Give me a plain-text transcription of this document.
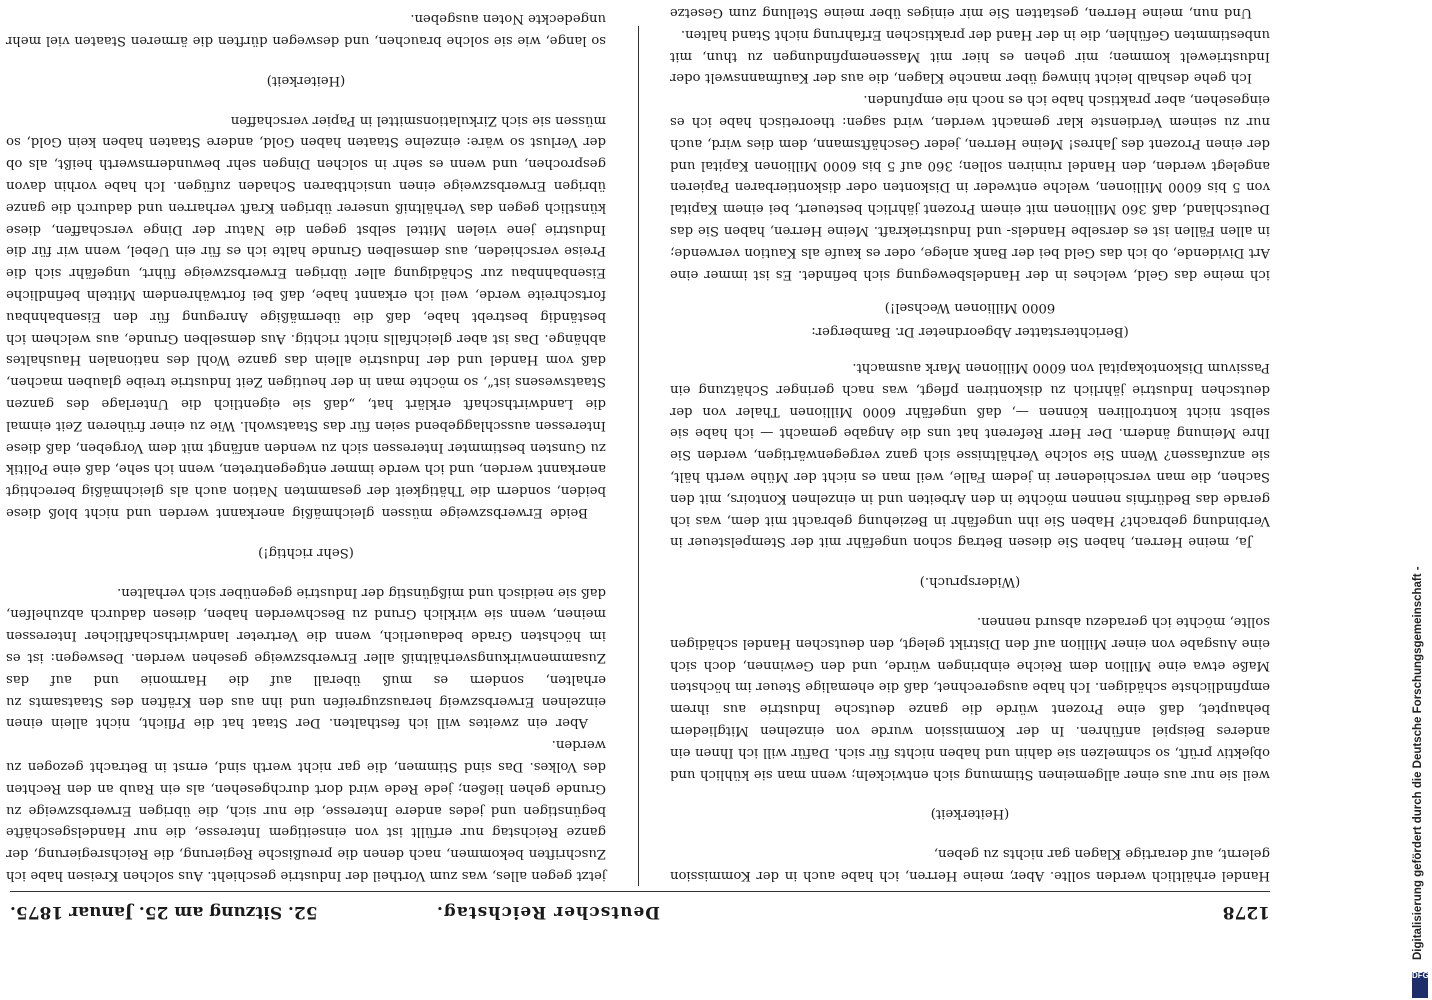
1278
Deutscher Reichstag.
52. Sitzung am 25. Januar 1875.

Handel erhältlich werden sollte. Aber, meine Herren, ich habe auch in der Kommission gelernt, auf derartige Klagen gar nichts zu geben,

(Heiterkeit)

weil sie nur aus einer allgemeinen Stimmung sich entwickeln; wenn man sie kühlich und objektiv prüft, so schmelzen sie dahin und haben nichts für sich. Dafür will ich Ihnen ein anderes Beispiel anführen. In der Kommission wurde von einzelnen Mitgliedern behauptet, daß eine Prozent würde die ganze deutsche Industrie aus ihrem empfindlichste schädigen. Ich habe ausgerechnet, daß die ehemalige Steuer im höchsten Maße etwa eine Million dem Reiche einbringen würde, und den Gewinnen, doch sich eine Ausgabe von einer Million auf den Distrikt gelegt, den deutschen Handel schädigen sollte, möchte ich geradezu absurd nennen.

(Widerspruch.)

Ja, meine Herren, haben Sie diesen Betrag schon ungefähr mit der Stempelsteuer in Verbindung gebracht? Haben Sie ihn ungefähr in Beziehung gebracht mit dem, was ich gerade das Bedürfnis nennen möchte in den Arbeiten und in einzelnen Kontoirs, mit den Sachen, die man verschiedener in jedem Falle, weil man es nicht der Mühe werth hält, sie anzufassen? Wenn Sie solche Verhältnisse sich ganz vergegenwärtigen, werden Sie Ihre Meinung ändern. Der Herr Referent hat uns die Angabe gemacht — ich habe sie selbst nicht kontrolliren können —, daß ungefähr 6000 Millionen Thaler von der deutschen Industrie jährlich zu diskontiren pflegt, was nach geringer Schätzung ein Passivum Diskontokapital von 6000 Millionen Mark ausmacht.

(Berichterstatter Abgeordneter Dr. Bamberger:

6000 Millionen Wechsel!)

ich meine das Geld, welches in der Handelsbewegung sich befindet. Es ist immer eine Art Dividende, ob ich das Geld bei der Bank anlege, oder es kaufe als Kaution verwende; in allen Fällen ist es derselbe Handels- und Industriekraft. Meine Herren, haben Sie das Deutschland, daß 360 Millionen mit einem Prozent jährlich besteuert, bei einem Kapital von 5 bis 6000 Millionen, welche entweder in Diskonten oder diskontierbaren Papieren angelegt werden, den Handel ruiniren sollen; 360 auf 5 bis 6000 Millionen Kapital und der einen Prozent des Jahres! Meine Herren, jeder Geschäftsmann, dem dies wird, auch nur zu seinem Verdienste klar gemacht werden, wird sagen: theoretisch habe ich es eingesehen, aber praktisch habe ich es noch nie empfunden.

Ich gehe deshalb leicht hinweg über manche Klagen, die aus der Kaufmannswelt oder Industriewelt kommen; mir gehen es hier mit Massenempfindungen zu thun, mit unbestimmten Gefühlen, die in der Hand der praktischen Erfahrung nicht Stand halten.

Und nun, meine Herren, gestatten Sie mir einiges über meine Stellung zum Gesetze

jetzt gegen alles, was zum Vortheil der Industrie geschieht. Aus solchen Kreisen habe ich Zuschriften bekommen, nach denen die preußische Regierung, die Reichsregierung, der ganze Reichstag nur erfüllt ist von einseitigem Interesse, die nur Handelsgeschäfte begünstigen und jedes andere Interesse, die nur sich, die übrigen Erwerbszweige zu Grunde gehen ließen; jede Rede wird dort durchgesehen, als ein Raub an den Rechten des Volkes. Das sind Stimmen, die gar nicht werth sind, ernst in Betracht gezogen zu werden.

Aber ein zweites will ich festhalten. Der Staat hat die Pflicht, nicht allein einen einzelnen Erwerbszweig herauszugreifen und ihn aus den Kräften des Staatsamts zu erhalten, sondern es muß überall auf die Harmonie und auf das Zusammenwirkungsverhältniß aller Erwerbszweige gesehen werden. Deswegen: ist es im höchsten Grade bedauerlich, wenn die Vertreter landwirthschaftlicher Interessen meinen, wenn sie wirklich Grund zu Beschwerden haben, diesen dadurch abzuhelfen, daß sie neidisch und mißgünstig der Industrie gegenüber sich verhalten.

(Sehr richtig!)

Beide Erwerbszweige müssen gleichmäßig anerkannt werden und nicht bloß diese beiden, sondern die Thätigkeit der gesammten Nation auch als gleichmäßig berechtigt anerkannt werden, und ich werde immer entgegentreten, wenn ich sehe, daß eine Politik zu Gunsten bestimmter Interessen sich zu wenden anfängt mit dem Vorgeben, daß diese Interessen ausschlaggebend seien für das Staatswohl. Wie zu einer früheren Zeit einmal die Landwirthschaft erklärt hat, „daß sie eigentlich die Unterlage des ganzen Staatswesens ist“, so möchte man in der heutigen Zeit Industrie treibe glauben machen, daß vom Handel und der Industrie allein das ganze Wohl des nationalen Haushaltes abhänge. Das ist aber gleichfalls nicht richtig. Aus demselben Grunde, aus welchem ich beständig bestrebt habe, daß die übermäßige Anregung für den Eisenbahnbau fortschreite werde, weil ich erkannt habe, daß bei fortwährendem Mitteln befindliche Eisenbahnbau zur Schädigung aller übrigen Erwerbszweige führt, ungefähr sich die Preise verschieden, aus demselben Grunde halte ich es für ein Uebel, wenn wir für die Industrie jene vielen Mittel selbst gegen die Natur der Dinge verschaffen, diese künstlich gegen das Verhältniß unserer übrigen Kraft verharren und dadurch die ganze übrigen Erwerbszweige einen unsichtbaren Schaden zufügen. Ich habe vorhin davon gesprochen, und wenn es sehr in solchen Dingen sehr bewundernswerth heißt, als ob der Verlust so wäre: einzelne Staaten haben Gold, andere Staaten haben kein Gold, so müssen sie sich Zirkulationsmittel in Papier verschaffen

(Heiterkeit)

so lange, wie sie solche brauchen, und deswegen dürften die ärmeren Staaten viel mehr ungedeckte Noten ausgeben.

Digitalisierung gefördert durch die Deutsche Forschungsgemeinschaft -
DFG
